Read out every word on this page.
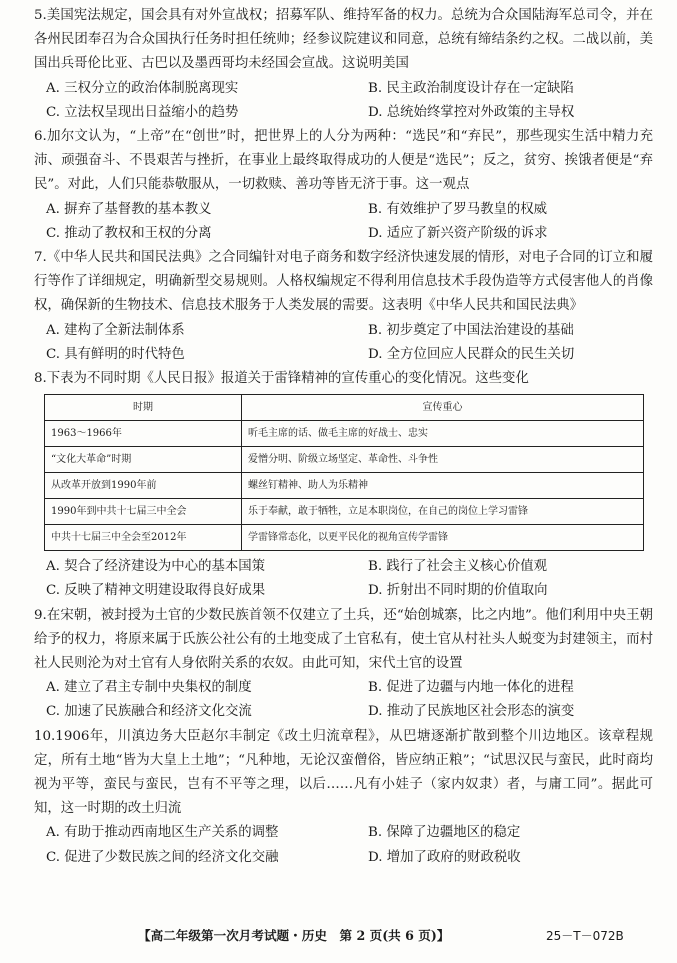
5.美国宪法规定，国会具有对外宣战权；招募军队、维持军备的权力。总统为合众国陆海军总司令，并在各州民团奉召为合众国执行任务时担任统帅；经参议院建议和同意，总统有缔结条约之权。二战以前，美国出兵哥伦比亚、古巴以及墨西哥均未经国会宣战。这说明美国

A. 三权分立的政治体制脱离现实	B. 民主政治制度设计存在一定缺陷
C. 立法权呈现出日益缩小的趋势	D. 总统始终掌控对外政策的主导权

6.加尔文认为，“上帝”在“创世”时，把世界上的人分为两种：“选民”和“弃民”，那些现实生活中精力充沛、顽强奋斗、不畏艰苦与挫折，在事业上最终取得成功的人便是“选民”；反之，贫穷、挨饿者便是“弃民”。对此，人们只能恭敬服从，一切救赎、善功等皆无济于事。这一观点

A. 摒弃了基督教的基本教义	B. 有效维护了罗马教皇的权威
C. 推动了教权和王权的分离	D. 适应了新兴资产阶级的诉求

7.《中华人民共和国民法典》之合同编针对电子商务和数字经济快速发展的情形，对电子合同的订立和履行等作了详细规定，明确新型交易规则。人格权编规定不得利用信息技术手段伪造等方式侵害他人的肖像权，确保新的生物技术、信息技术服务于人类发展的需要。这表明《中华人民共和国民法典》

A. 建构了全新法制体系	B. 初步奠定了中国法治建设的基础
C. 具有鲜明的时代特色	D. 全方位回应人民群众的民生关切

8.下表为不同时期《人民日报》报道关于雷锋精神的宣传重心的变化情况。这些变化

时期	宣传重心
1963～1966年	听毛主席的话、做毛主席的好战士、忠实
“文化大革命”时期	爱憎分明、阶级立场坚定、革命性、斗争性
从改革开放到1990年前	螺丝钉精神、助人为乐精神
1990年到中共十七届三中全会	乐于奉献，敢于牺牲，立足本职岗位，在自己的岗位上学习雷锋
中共十七届三中全会至2012年	学雷锋常态化，以更平民化的视角宣传学雷锋
A. 契合了经济建设为中心的基本国策	B. 践行了社会主义核心价值观
C. 反映了精神文明建设取得良好成果	D. 折射出不同时期的价值取向

9.在宋朝，被封授为土官的少数民族首领不仅建立了土兵，还“始创城寨，比之内地”。他们利用中央王朝给予的权力，将原来属于氏族公社公有的土地变成了土官私有，使土官从村社头人蜕变为封建领主，而村社人民则沦为对土官有人身依附关系的农奴。由此可知，宋代土官的设置

A. 建立了君主专制中央集权的制度	B. 促进了边疆与内地一体化的进程
C. 加速了民族融合和经济文化交流	D. 推动了民族地区社会形态的演变

10.1906年，川滇边务大臣赵尔丰制定《改土归流章程》，从巴塘逐渐扩散到整个川边地区。该章程规定，所有土地“皆为大皇上土地”；“凡种地，无论汉蛮僧俗，皆应纳正粮”；“试思汉民与蛮民，此时商均视为平等，蛮民与蛮民，岂有不平等之理，以后……凡有小娃子（家内奴隶）者，与庸工同”。据此可知，这一时期的改土归流

A. 有助于推动西南地区生产关系的调整	B. 保障了边疆地区的稳定
C. 促进了少数民族之间的经济文化交融	D. 增加了政府的财政税收
【高二年级第一次月考试题・历史　第 2 页(共 6 页)】	25－T－072B
